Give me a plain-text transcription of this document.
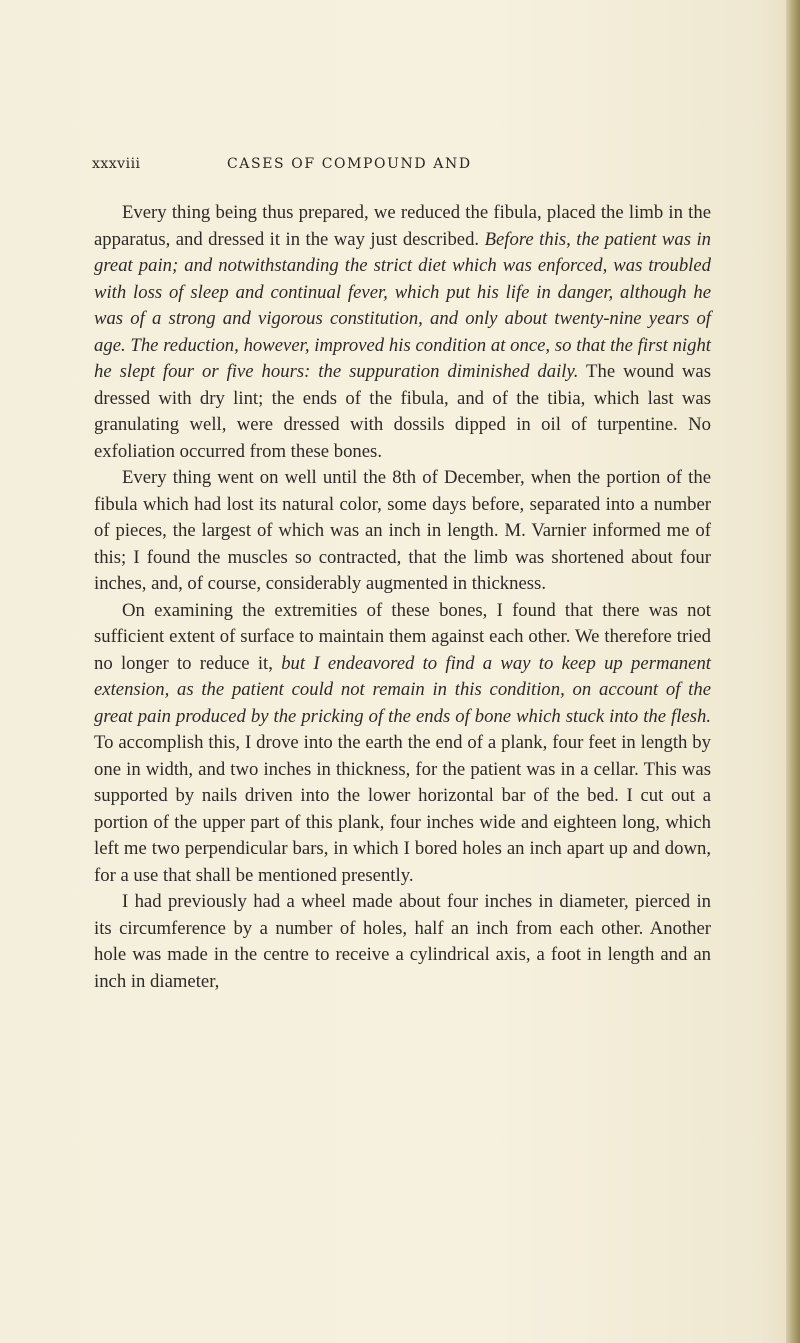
xxxviii	CASES OF COMPOUND AND

Every thing being thus prepared, we reduced the fibula, placed the limb in the apparatus, and dressed it in the way just described. Before this, the patient was in great pain; and notwithstanding the strict diet which was enforced, was troubled with loss of sleep and continual fever, which put his life in danger, although he was of a strong and vigorous constitution, and only about twenty-nine years of age. The reduction, however, improved his condition at once, so that the first night he slept four or five hours: the suppuration diminished daily. The wound was dressed with dry lint; the ends of the fibula, and of the tibia, which last was granulating well, were dressed with dossils dipped in oil of turpentine. No exfoliation occurred from these bones.

Every thing went on well until the 8th of December, when the portion of the fibula which had lost its natural color, some days before, separated into a number of pieces, the largest of which was an inch in length. M. Varnier informed me of this; I found the muscles so contracted, that the limb was shortened about four inches, and, of course, considerably augmented in thickness.

On examining the extremities of these bones, I found that there was not sufficient extent of surface to maintain them against each other. We therefore tried no longer to reduce it, but I endeavored to find a way to keep up permanent extension, as the patient could not remain in this condition, on account of the great pain produced by the pricking of the ends of bone which stuck into the flesh. To accomplish this, I drove into the earth the end of a plank, four feet in length by one in width, and two inches in thickness, for the patient was in a cellar. This was supported by nails driven into the lower horizontal bar of the bed. I cut out a portion of the upper part of this plank, four inches wide and eighteen long, which left me two perpendicular bars, in which I bored holes an inch apart up and down, for a use that shall be mentioned presently.

I had previously had a wheel made about four inches in diameter, pierced in its circumference by a number of holes, half an inch from each other. Another hole was made in the centre to receive a cylindrical axis, a foot in length and an inch in diameter,
